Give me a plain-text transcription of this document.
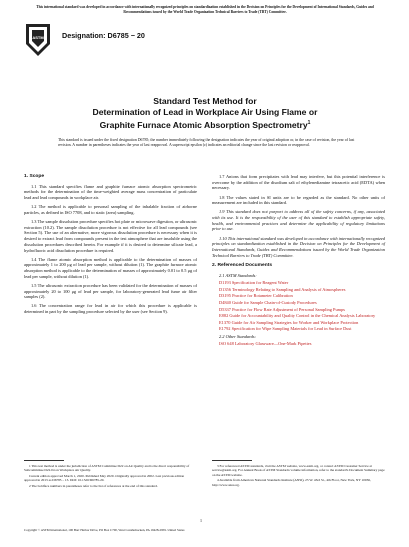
This international standard was developed in accordance with internationally recognized principles on standardization established in the Decision on Principles for the Development of International Standards, Guides and Recommendations issued by the World Trade Organization Technical Barriers to Trade (TBT) Committee.
ASTM	Designation: D6785 − 20
Standard Test Method for
Determination of Lead in Workplace Air Using Flame or
Graphite Furnace Atomic Absorption Spectrometry$^1$
This standard is issued under the fixed designation D6785; the number immediately following the designation indicates the year of original adoption or, in the case of revision, the year of last revision. A number in parentheses indicates the year of last reapproval. A superscript epsilon (ε) indicates an editorial change since the last revision or reapproval.
1. Scope

1.1 This standard specifies flame and graphite furnace atomic absorption spectrometric methods for the determination of the time-weighted average mass concentration of particulate lead and lead compounds in workplace air.

1.2 The method is applicable to personal sampling of the inhalable fraction of airborne particles, as defined in ISO 7708, and to static (area) sampling.

1.3 The sample dissolution procedure specifies hot plate or microwave digestion, or ultrasonic extraction (10.2). The sample dissolution procedure is not effective for all lead compounds (see Section 5). The use of an alternative, more vigorous dissolution procedure is necessary when it is desired to extract lead from compounds present in the test atmosphere that are insoluble using the dissolution procedures described herein. For example if it is desired to determine silicate lead, a hydrofluoric acid dissolution procedure is required.

1.4 The flame atomic absorption method is applicable to the determination of masses of approximately 1 to 200 μg of lead per sample, without dilution (1). The graphite furnace atomic absorption method is applicable to the determination of masses of approximately 0.01 to 0.5 μg of lead per sample, without dilution (1).

1.5 The ultrasonic extraction procedure has been validated for the determination of masses of approximately 20 to 100 μg of lead per sample, for laboratory-generated lead fume air filter samples (2).

1.6 The concentration range for lead in air for which this procedure is applicable is determined in part by the sampling procedure selected by the user (see Section 9).

1.7 Anions that form precipitates with lead may interfere, but this potential interference is overcome by the addition of the disodium salt of ethylenediamine tetraacetic acid (EDTA) when necessary.

1.8 The values stated in SI units are to be regarded as the standard. No other units of measurement are included in this standard.

1.9 This standard does not purport to address all of the safety concerns, if any, associated with its use. It is the responsibility of the user of this standard to establish appropriate safety, health, and environmental practices and determine the applicability of regulatory limitations prior to use.

1.10 This international standard was developed in accordance with internationally recognized principles on standardization established in the Decision on Principles for the Development of International Standards, Guides and Recommendations issued by the World Trade Organization Technical Barriers to Trade (TBT) Committee.

2. Referenced Documents
2.1 ASTM Standards:
D1193 Specification for Reagent Water
D1356 Terminology Relating to Sampling and Analysis of Atmospheres
D3195 Practice for Rotameter Calibration
D4840 Guide for Sample Chain-of-Custody Procedures
D5337 Practice for Flow Rate Adjustment of Personal Sampling Pumps
E882 Guide for Accountability and Quality Control in the Chemical Analysis Laboratory
E1370 Guide for Air Sampling Strategies for Worker and Workplace Protection
E1792 Specification for Wipe Sampling Materials for Lead in Surface Dust
2.2 Other Standards:
ISO 648 Laboratory Glassware—One-Mark Pipettes

1 This test method is under the jurisdiction of ASTM Committee D22 on Air Quality and is the direct responsibility of Subcommittee D22.04 on Workplace Air Quality.

Current edition approved March 1, 2020. Published May 2020. Originally approved in 2002. Last previous edition approved in 2013 as D6785 – 13. DOI: 10.1520/D6785-20.

2 The boldface numbers in parentheses refer to the list of references at the end of this standard.

3 For referenced ASTM standards, visit the ASTM website, www.astm.org, or contact ASTM Customer Service at service@astm.org. For Annual Book of ASTM Standards volume information, refer to the standard's Document Summary page on the ASTM website.

4 Available from American National Standards Institute (ANSI), 25 W. 43rd St., 4th Floor, New York, NY 10036, http://www.ansi.org.

1
Copyright © ASTM International, 100 Barr Harbor Drive, PO Box C700, West Conshohocken, PA 19428-2959. United States
